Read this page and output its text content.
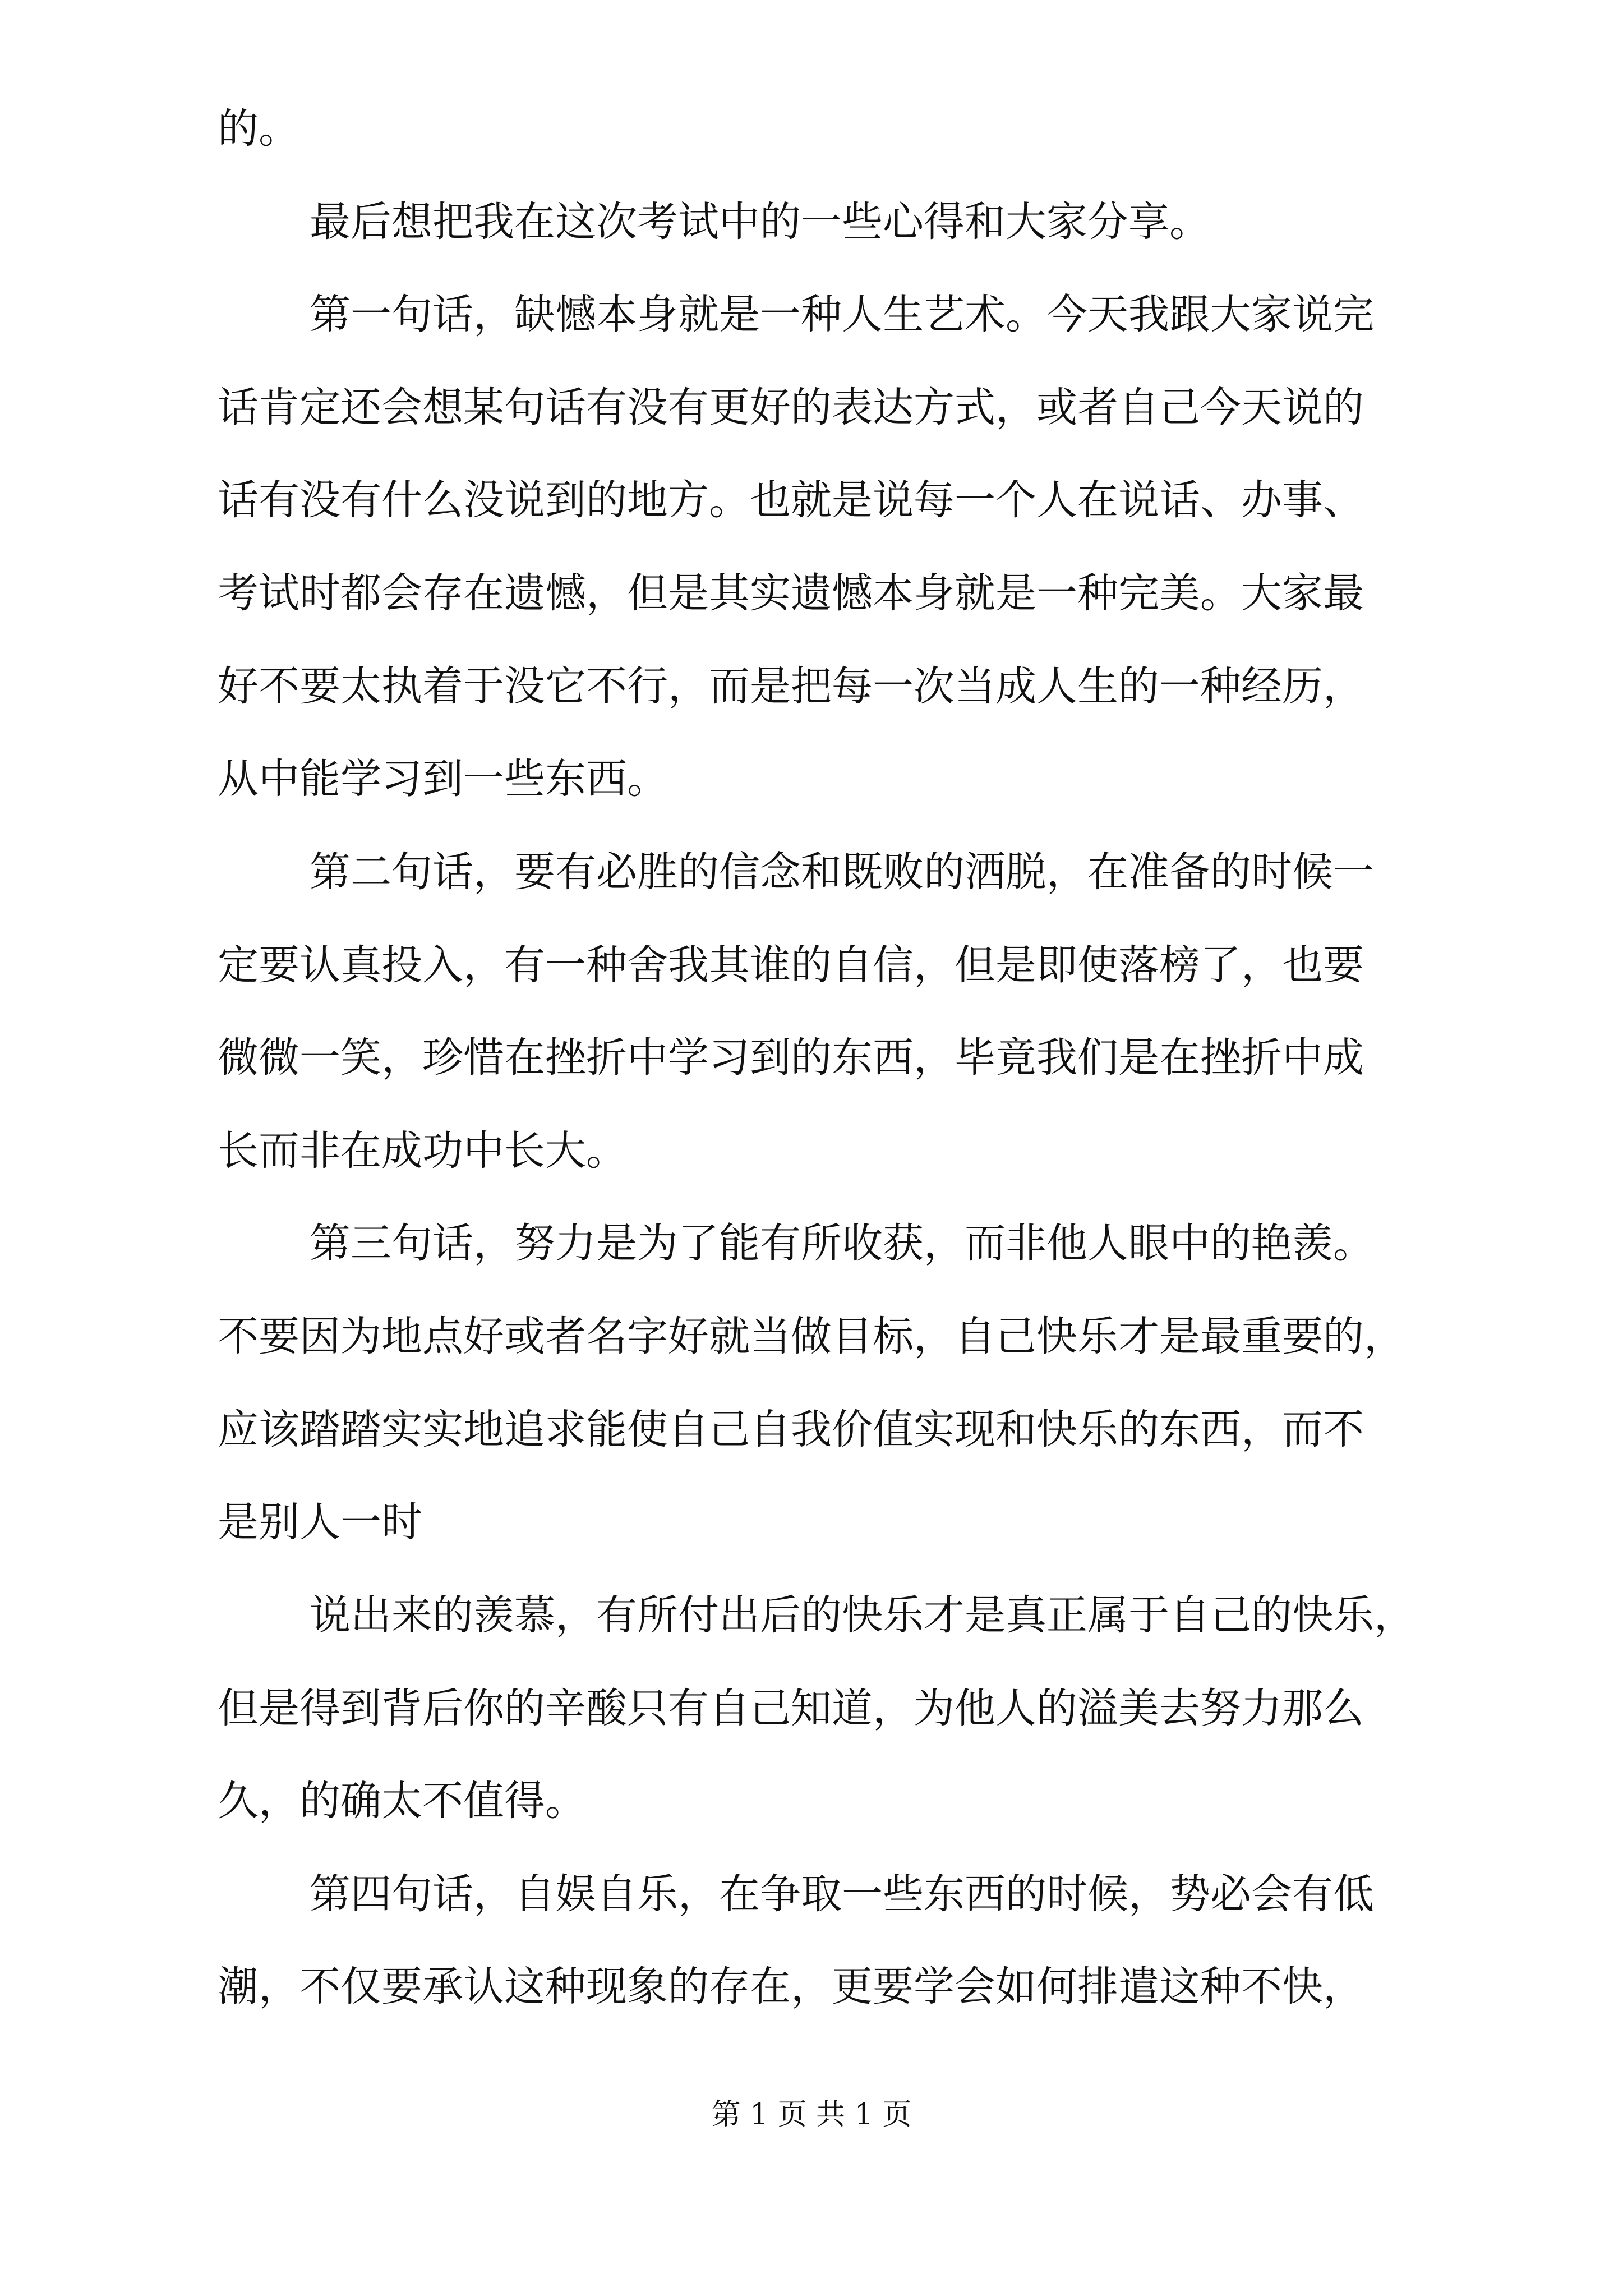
的。
最后想把我在这次考试中的一些心得和大家分享。
第一句话，缺憾本身就是一种人生艺术。今天我跟大家说完
话肯定还会想某句话有没有更好的表达方式，或者自己今天说的
话有没有什么没说到的地方。也就是说每一个人在说话、办事、
考试时都会存在遗憾，但是其实遗憾本身就是一种完美。大家最
好不要太执着于没它不行，而是把每一次当成人生的一种经历，
从中能学习到一些东西。
第二句话，要有必胜的信念和既败的洒脱，在准备的时候一
定要认真投入，有一种舍我其谁的自信，但是即使落榜了，也要
微微一笑，珍惜在挫折中学习到的东西，毕竟我们是在挫折中成
长而非在成功中长大。
第三句话，努力是为了能有所收获，而非他人眼中的艳羡。
不要因为地点好或者名字好就当做目标，自己快乐才是最重要的，
应该踏踏实实地追求能使自己自我价值实现和快乐的东西，而不
是别人一时
说出来的羡慕，有所付出后的快乐才是真正属于自己的快乐，
但是得到背后你的辛酸只有自己知道，为他人的溢美去努力那么
久，的确太不值得。
第 1 页 共 1 页
第四句话，自娱自乐，在争取一些东西的时候，势必会有低
潮，不仅要承认这种现象的存在，更要学会如何排遣这种不快，
